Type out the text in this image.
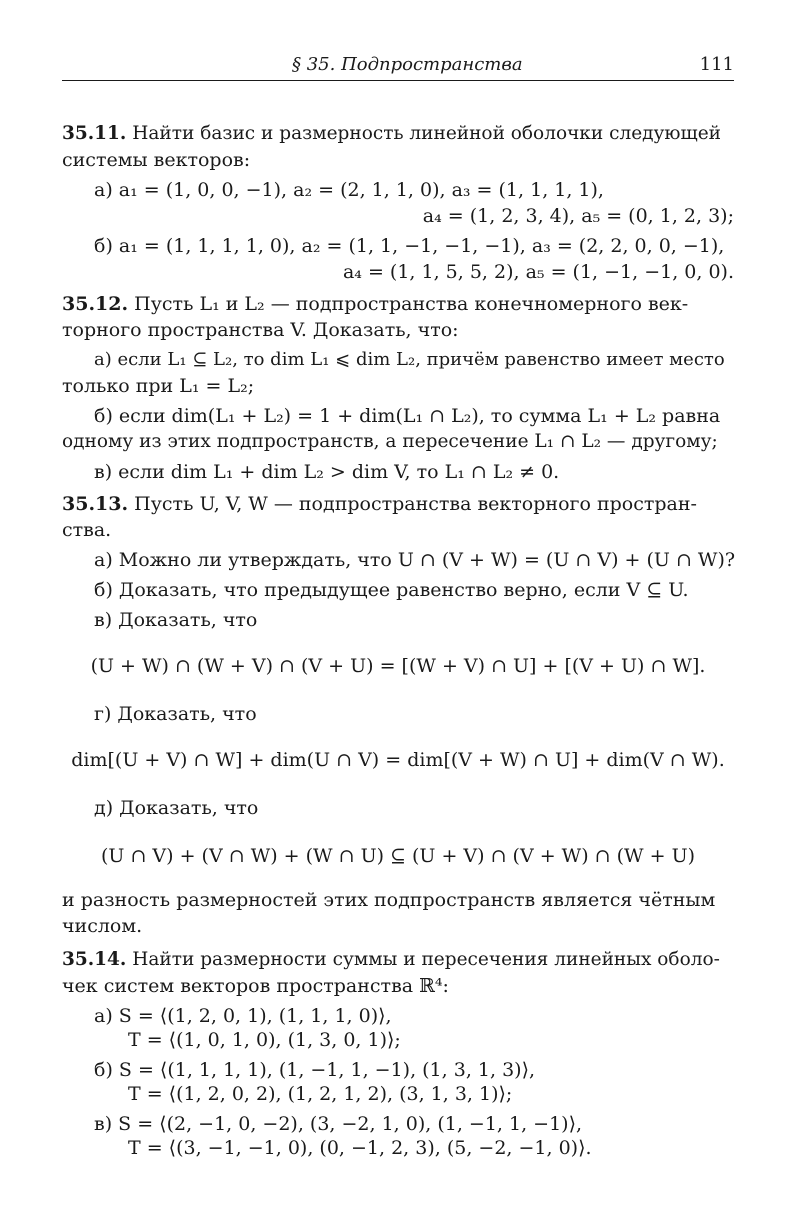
§ 35. Подпространства	111
35.11. Найти базис и размерность линейной оболочки следующей
системы векторов:
а) a₁ = (1, 0, 0, −1), a₂ = (2, 1, 1, 0), a₃ = (1, 1, 1, 1),
a₄ = (1, 2, 3, 4), a₅ = (0, 1, 2, 3);
б) a₁ = (1, 1, 1, 1, 0), a₂ = (1, 1, −1, −1, −1), a₃ = (2, 2, 0, 0, −1),
a₄ = (1, 1, 5, 5, 2), a₅ = (1, −1, −1, 0, 0).
35.12. Пусть L₁ и L₂ — подпространства конечномерного век-
торного пространства V. Доказать, что:
а) если L₁ ⊆ L₂, то dim L₁ ⩽ dim L₂, причём равенство имеет место
только при L₁ = L₂;
б) если dim(L₁ + L₂) = 1 + dim(L₁ ∩ L₂), то сумма L₁ + L₂ равна
одному из этих подпространств, а пересечение L₁ ∩ L₂ — другому;
в) если dim L₁ + dim L₂ > dim V, то L₁ ∩ L₂ ≠ 0.
35.13. Пусть U, V, W — подпространства векторного простран-
ства.
а) Можно ли утверждать, что U ∩ (V + W) = (U ∩ V) + (U ∩ W)?
б) Доказать, что предыдущее равенство верно, если V ⊆ U.
в) Доказать, что
(U + W) ∩ (W + V) ∩ (V + U) = [(W + V) ∩ U] + [(V + U) ∩ W].
г) Доказать, что
dim[(U + V) ∩ W] + dim(U ∩ V) = dim[(V + W) ∩ U] + dim(V ∩ W).
д) Доказать, что
(U ∩ V) + (V ∩ W) + (W ∩ U) ⊆ (U + V) ∩ (V + W) ∩ (W + U)
и разность размерностей этих подпространств является чётным
числом.
35.14. Найти размерности суммы и пересечения линейных оболо-
чек систем векторов пространства ℝ⁴:
а) S = ⟨(1, 2, 0, 1), (1, 1, 1, 0)⟩,
T = ⟨(1, 0, 1, 0), (1, 3, 0, 1)⟩;
б) S = ⟨(1, 1, 1, 1), (1, −1, 1, −1), (1, 3, 1, 3)⟩,
T = ⟨(1, 2, 0, 2), (1, 2, 1, 2), (3, 1, 3, 1)⟩;
в) S = ⟨(2, −1, 0, −2), (3, −2, 1, 0), (1, −1, 1, −1)⟩,
T = ⟨(3, −1, −1, 0), (0, −1, 2, 3), (5, −2, −1, 0)⟩.
